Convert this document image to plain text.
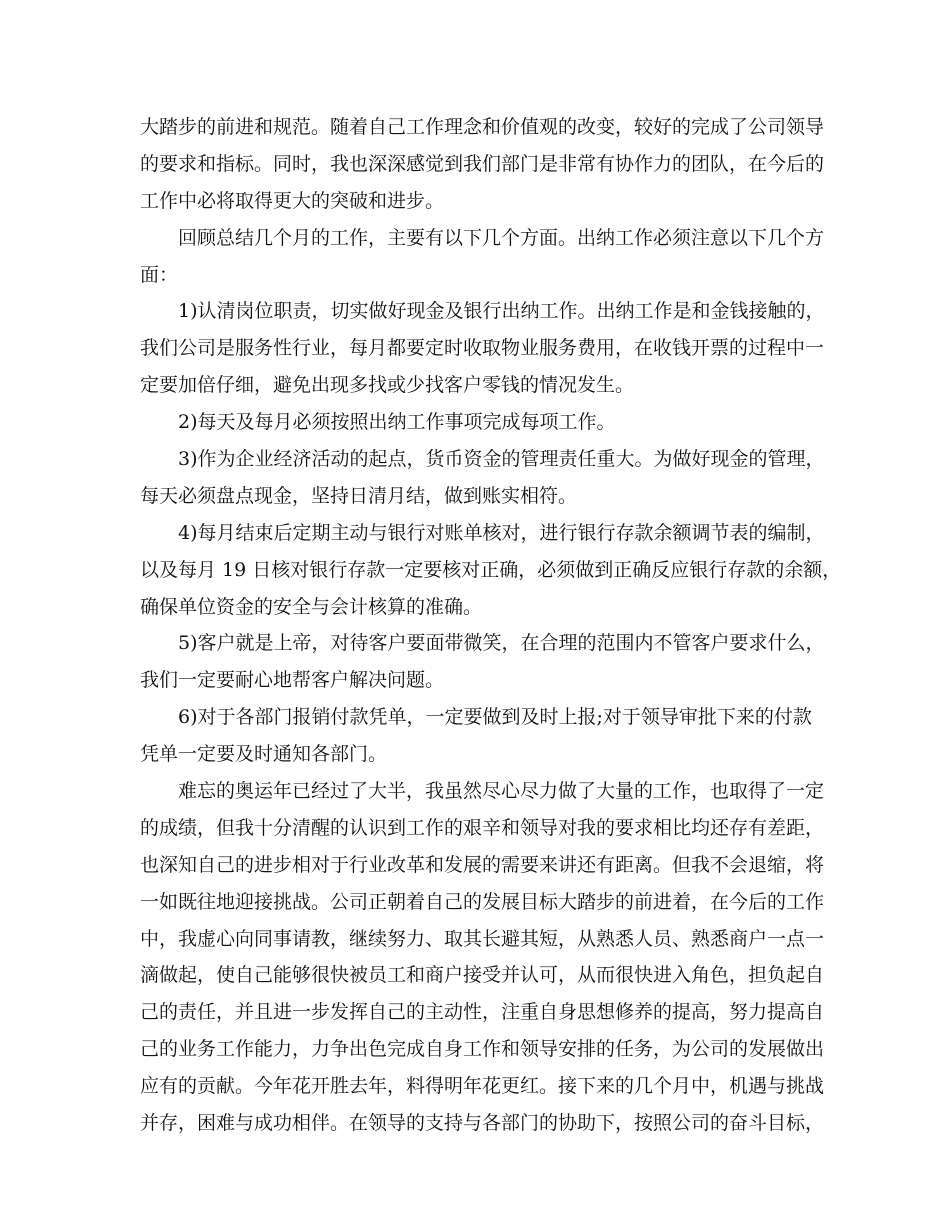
大踏步的前进和规范。随着自己工作理念和价值观的改变，较好的完成了公司领导
的要求和指标。同时，我也深深感觉到我们部门是非常有协作力的团队，在今后的
工作中必将取得更大的突破和进步。
回顾总结几个月的工作，主要有以下几个方面。出纳工作必须注意以下几个方
面：
1)认清岗位职责，切实做好现金及银行出纳工作。出纳工作是和金钱接触的，
我们公司是服务性行业，每月都要定时收取物业服务费用，在收钱开票的过程中一
定要加倍仔细，避免出现多找或少找客户零钱的情况发生。
2)每天及每月必须按照出纳工作事项完成每项工作。
3)作为企业经济活动的起点，货币资金的管理责任重大。为做好现金的管理，
每天必须盘点现金，坚持日清月结，做到账实相符。
4)每月结束后定期主动与银行对账单核对，进行银行存款余额调节表的编制，
以及每月 19 日核对银行存款一定要核对正确，必须做到正确反应银行存款的余额，
确保单位资金的安全与会计核算的准确。
5)客户就是上帝，对待客户要面带微笑，在合理的范围内不管客户要求什么，
我们一定要耐心地帮客户解决问题。
6)对于各部门报销付款凭单，一定要做到及时上报;对于领导审批下来的付款
凭单一定要及时通知各部门。
难忘的奥运年已经过了大半，我虽然尽心尽力做了大量的工作，也取得了一定
的成绩，但我十分清醒的认识到工作的艰辛和领导对我的要求相比均还存有差距，
也深知自己的进步相对于行业改革和发展的需要来讲还有距离。但我不会退缩，将
一如既往地迎接挑战。公司正朝着自己的发展目标大踏步的前进着，在今后的工作
中，我虚心向同事请教，继续努力、取其长避其短，从熟悉人员、熟悉商户一点一
滴做起，使自己能够很快被员工和商户接受并认可，从而很快进入角色，担负起自
己的责任，并且进一步发挥自己的主动性，注重自身思想修养的提高，努力提高自
己的业务工作能力，力争出色完成自身工作和领导安排的任务，为公司的发展做出
应有的贡献。今年花开胜去年，料得明年花更红。接下来的几个月中，机遇与挑战
并存，困难与成功相伴。在领导的支持与各部门的协助下，按照公司的奋斗目标，
